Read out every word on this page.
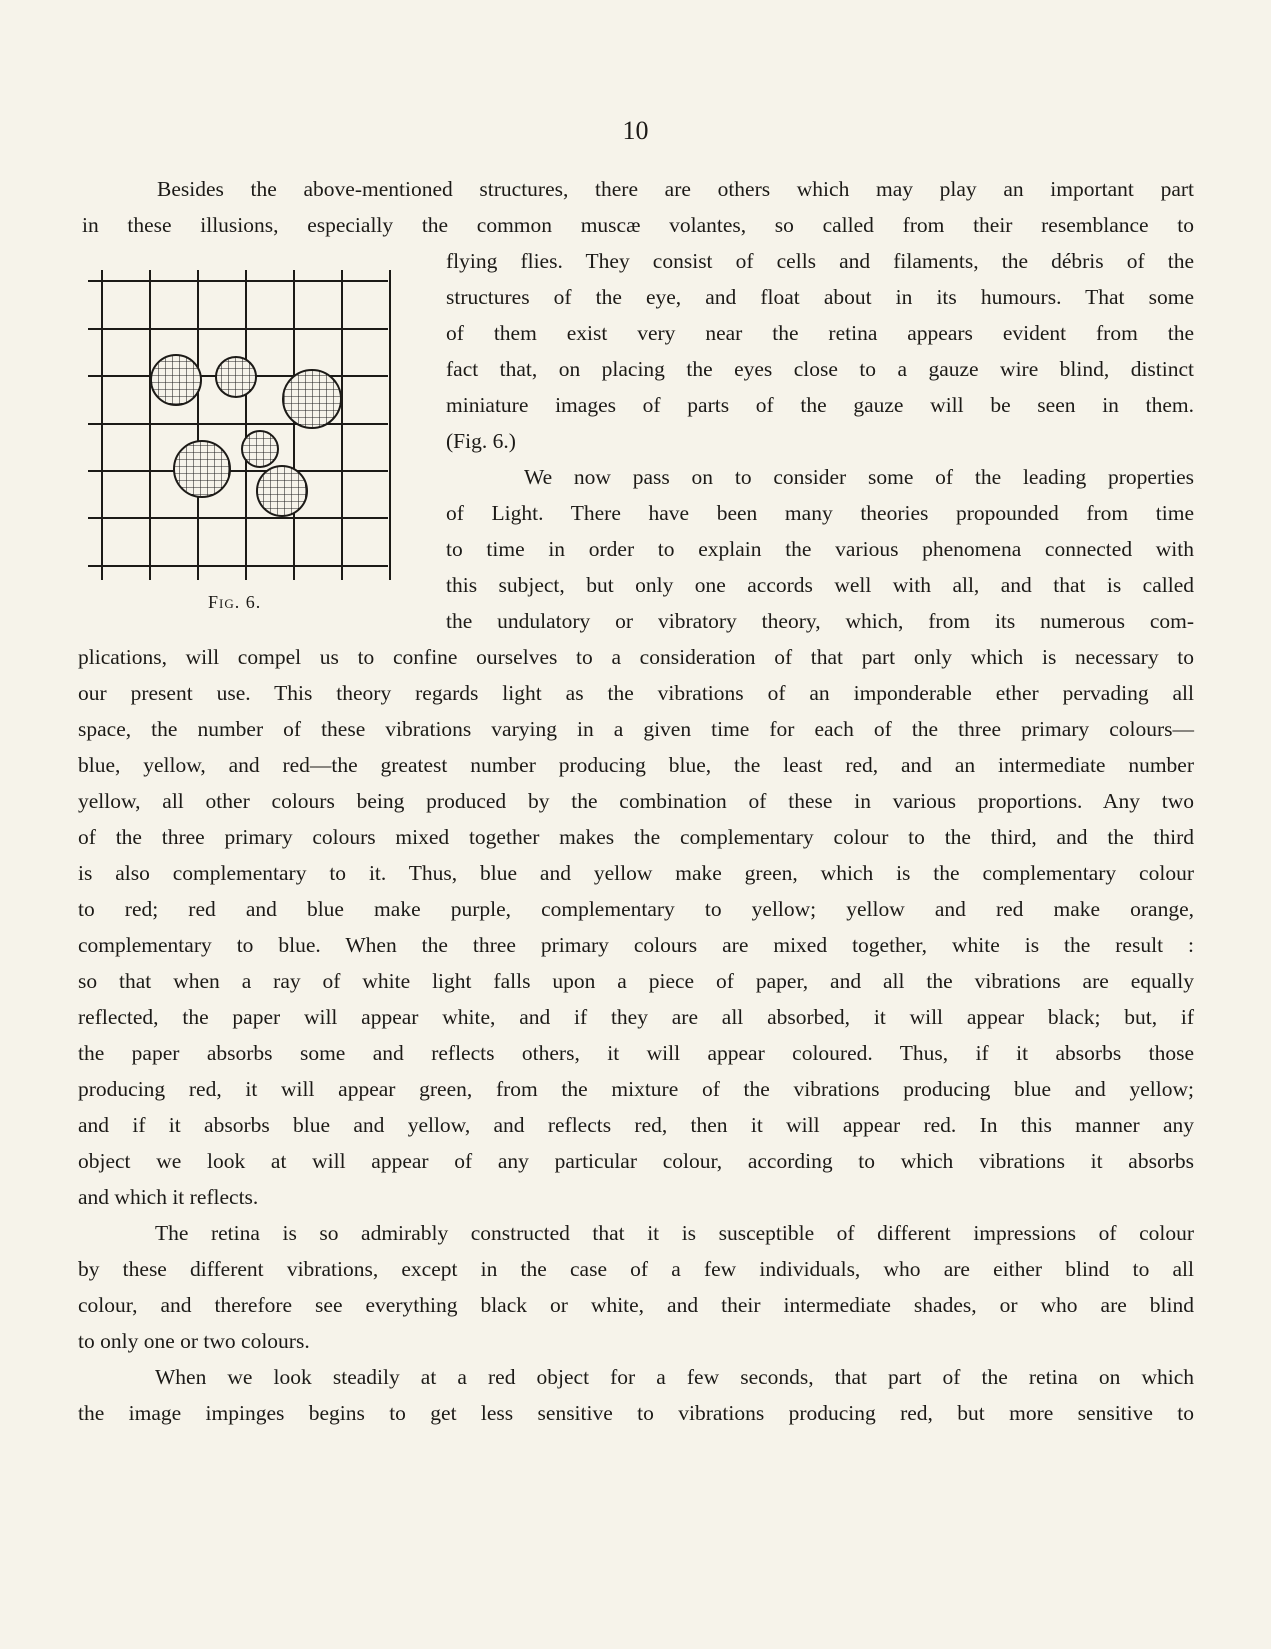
10
Besides the above-mentioned structures, there are others which may play an important part
in these illusions, especially the common muscæ volantes, so called from their resemblance to
flying flies. They consist of cells and filaments, the débris of the
structures of the eye, and float about in its humours. That some
of them exist very near the retina appears evident from the
fact that, on placing the eyes close to a gauze wire blind, distinct
miniature images of parts of the gauze will be seen in them.
(Fig. 6.)
We now pass on to consider some of the leading properties
of Light. There have been many theories propounded from time
to time in order to explain the various phenomena connected with
this subject, but only one accords well with all, and that is called
the undulatory or vibratory theory, which, from its numerous com-
plications, will compel us to confine ourselves to a consideration of that part only which is necessary to
our present use. This theory regards light as the vibrations of an imponderable ether pervading all
space, the number of these vibrations varying in a given time for each of the three primary colours—
blue, yellow, and red—the greatest number producing blue, the least red, and an intermediate number
yellow, all other colours being produced by the combination of these in various proportions. Any two
of the three primary colours mixed together makes the complementary colour to the third, and the third
is also complementary to it. Thus, blue and yellow make green, which is the complementary colour
to red; red and blue make purple, complementary to yellow; yellow and red make orange,
complementary to blue. When the three primary colours are mixed together, white is the result :
so that when a ray of white light falls upon a piece of paper, and all the vibrations are equally
reflected, the paper will appear white, and if they are all absorbed, it will appear black; but, if
the paper absorbs some and reflects others, it will appear coloured. Thus, if it absorbs those
producing red, it will appear green, from the mixture of the vibrations producing blue and yellow;
and if it absorbs blue and yellow, and reflects red, then it will appear red. In this manner any
object we look at will appear of any particular colour, according to which vibrations it absorbs
and which it reflects.
The retina is so admirably constructed that it is susceptible of different impressions of colour
by these different vibrations, except in the case of a few individuals, who are either blind to all
colour, and therefore see everything black or white, and their intermediate shades, or who are blind
to only one or two colours.
When we look steadily at a red object for a few seconds, that part of the retina on which
the image impinges begins to get less sensitive to vibrations producing red, but more sensitive to
Fig. 6.
